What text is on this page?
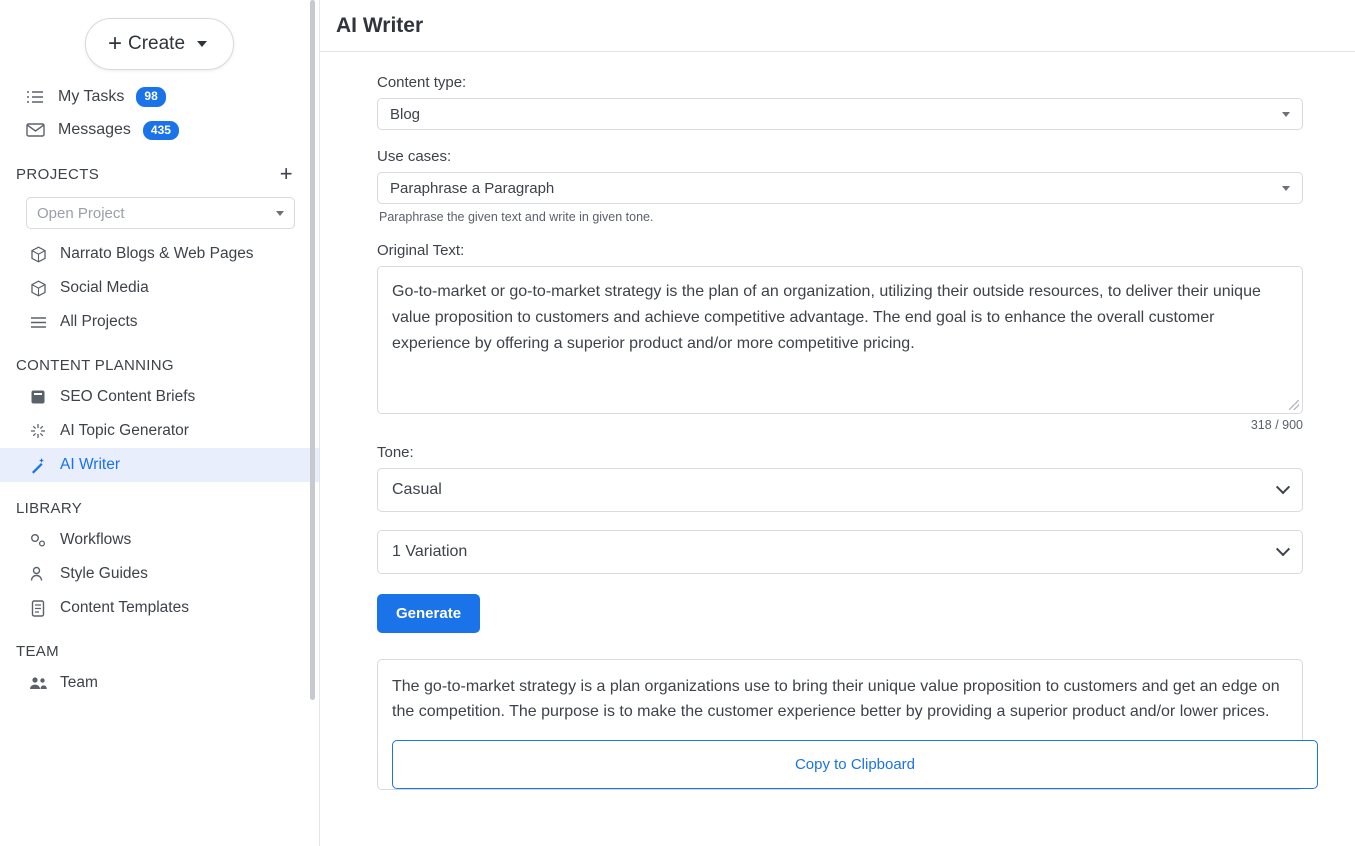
+ Create
My Tasks	98
Messages	435
PROJECTS	+
Open Project
Narrato Blogs & Web Pages
Social Media
All Projects
CONTENT PLANNING
SEO Content Briefs
AI Topic Generator
AI Writer
LIBRARY
Workflows
Style Guides
Content Templates
TEAM
Team
AI Writer
Content type:
Blog
Use cases:
Paraphrase a Paragraph
Paraphrase the given text and write in given tone.
Original Text:
Go-to-market or go-to-market strategy is the plan of an organization, utilizing their outside resources, to deliver their unique value proposition to customers and achieve competitive advantage. The end goal is to enhance the overall customer experience by offering a superior product and/or more competitive pricing.
318 / 900
Tone:
Casual
1 Variation
Generate
The go-to-market strategy is a plan organizations use to bring their unique value proposition to customers and get an edge on the competition. The purpose is to make the customer experience better by providing a superior product and/or lower prices.
Copy to Clipboard
